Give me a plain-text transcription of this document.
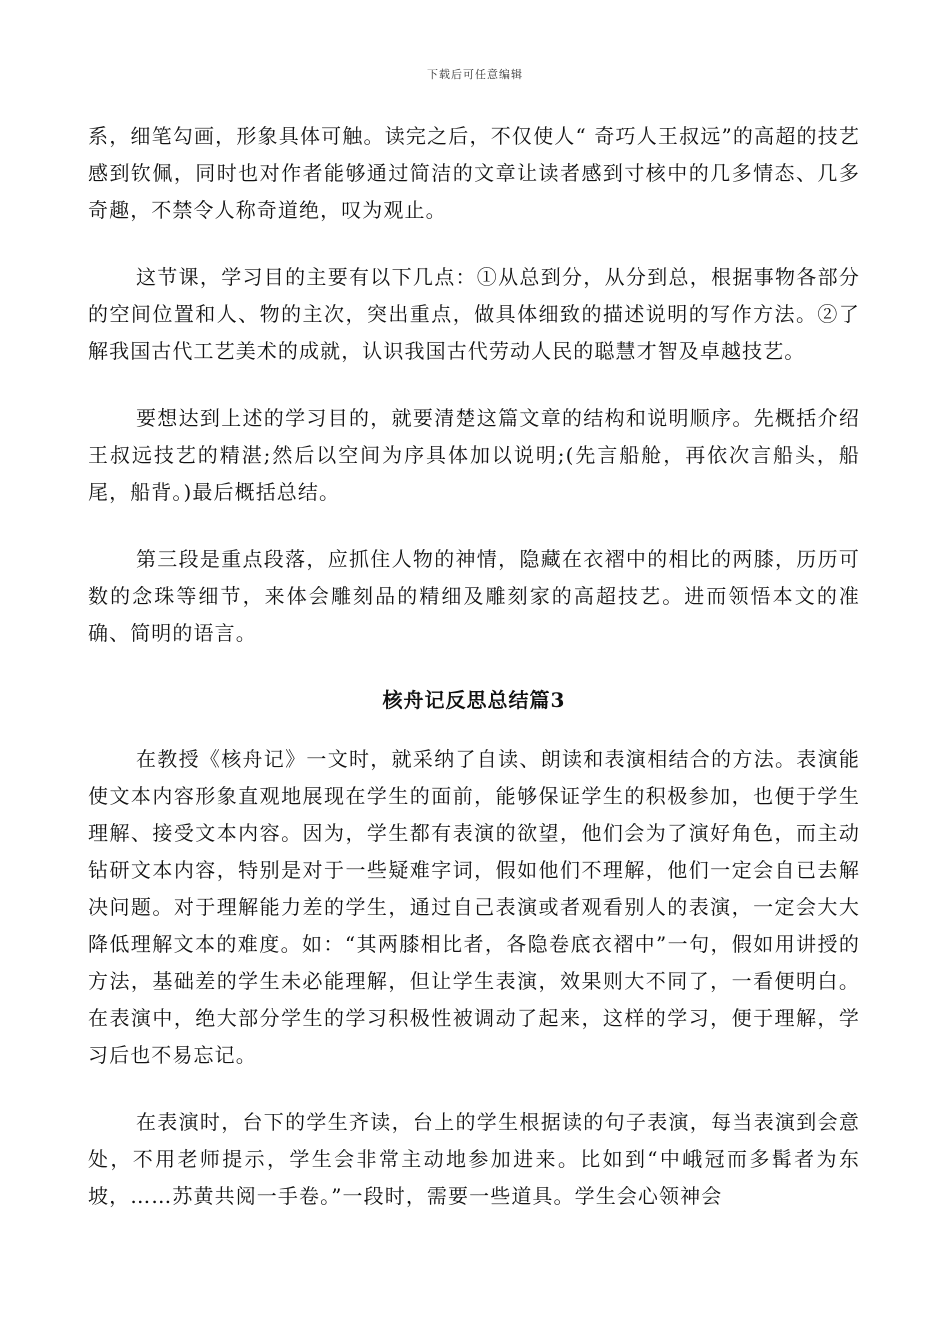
下载后可任意编辑

系，细笔勾画，形象具体可触。读完之后，不仅使人“ 奇巧人王叔远”的高超的技艺感到钦佩，同时也对作者能够通过简洁的文章让读者感到寸核中的几多情态、几多奇趣，不禁令人称奇道绝，叹为观止。

这节课，学习目的主要有以下几点：①从总到分，从分到总，根据事物各部分的空间位置和人、物的主次，突出重点，做具体细致的描述说明的写作方法。②了解我国古代工艺美术的成就，认识我国古代劳动人民的聪慧才智及卓越技艺。

要想达到上述的学习目的，就要清楚这篇文章的结构和说明顺序。先概括介绍王叔远技艺的精湛;然后以空间为序具体加以说明;(先言船舱，再依次言船头，船尾，船背。)最后概括总结。

第三段是重点段落，应抓住人物的神情，隐藏在衣褶中的相比的两膝，历历可数的念珠等细节，来体会雕刻品的精细及雕刻家的高超技艺。进而领悟本文的准确、简明的语言。

核舟记反思总结篇3

在教授《核舟记》一文时，就采纳了自读、朗读和表演相结合的方法。表演能使文本内容形象直观地展现在学生的面前，能够保证学生的积极参加，也便于学生理解、接受文本内容。因为，学生都有表演的欲望，他们会为了演好角色，而主动钻研文本内容，特别是对于一些疑难字词，假如他们不理解，他们一定会自已去解决问题。对于理解能力差的学生，通过自己表演或者观看别人的表演，一定会大大降低理解文本的难度。如：“其两膝相比者，各隐卷底衣褶中”一句，假如用讲授的方法，基础差的学生未必能理解，但让学生表演，效果则大不同了，一看便明白。在表演中，绝大部分学生的学习积极性被调动了起来，这样的学习，便于理解，学习后也不易忘记。

在表演时，台下的学生齐读，台上的学生根据读的句子表演，每当表演到会意处，不用老师提示，学生会非常主动地参加进来。比如到“中峨冠而多髯者为东坡，……苏黄共阅一手卷。”一段时，需要一些道具。学生会心领神会
